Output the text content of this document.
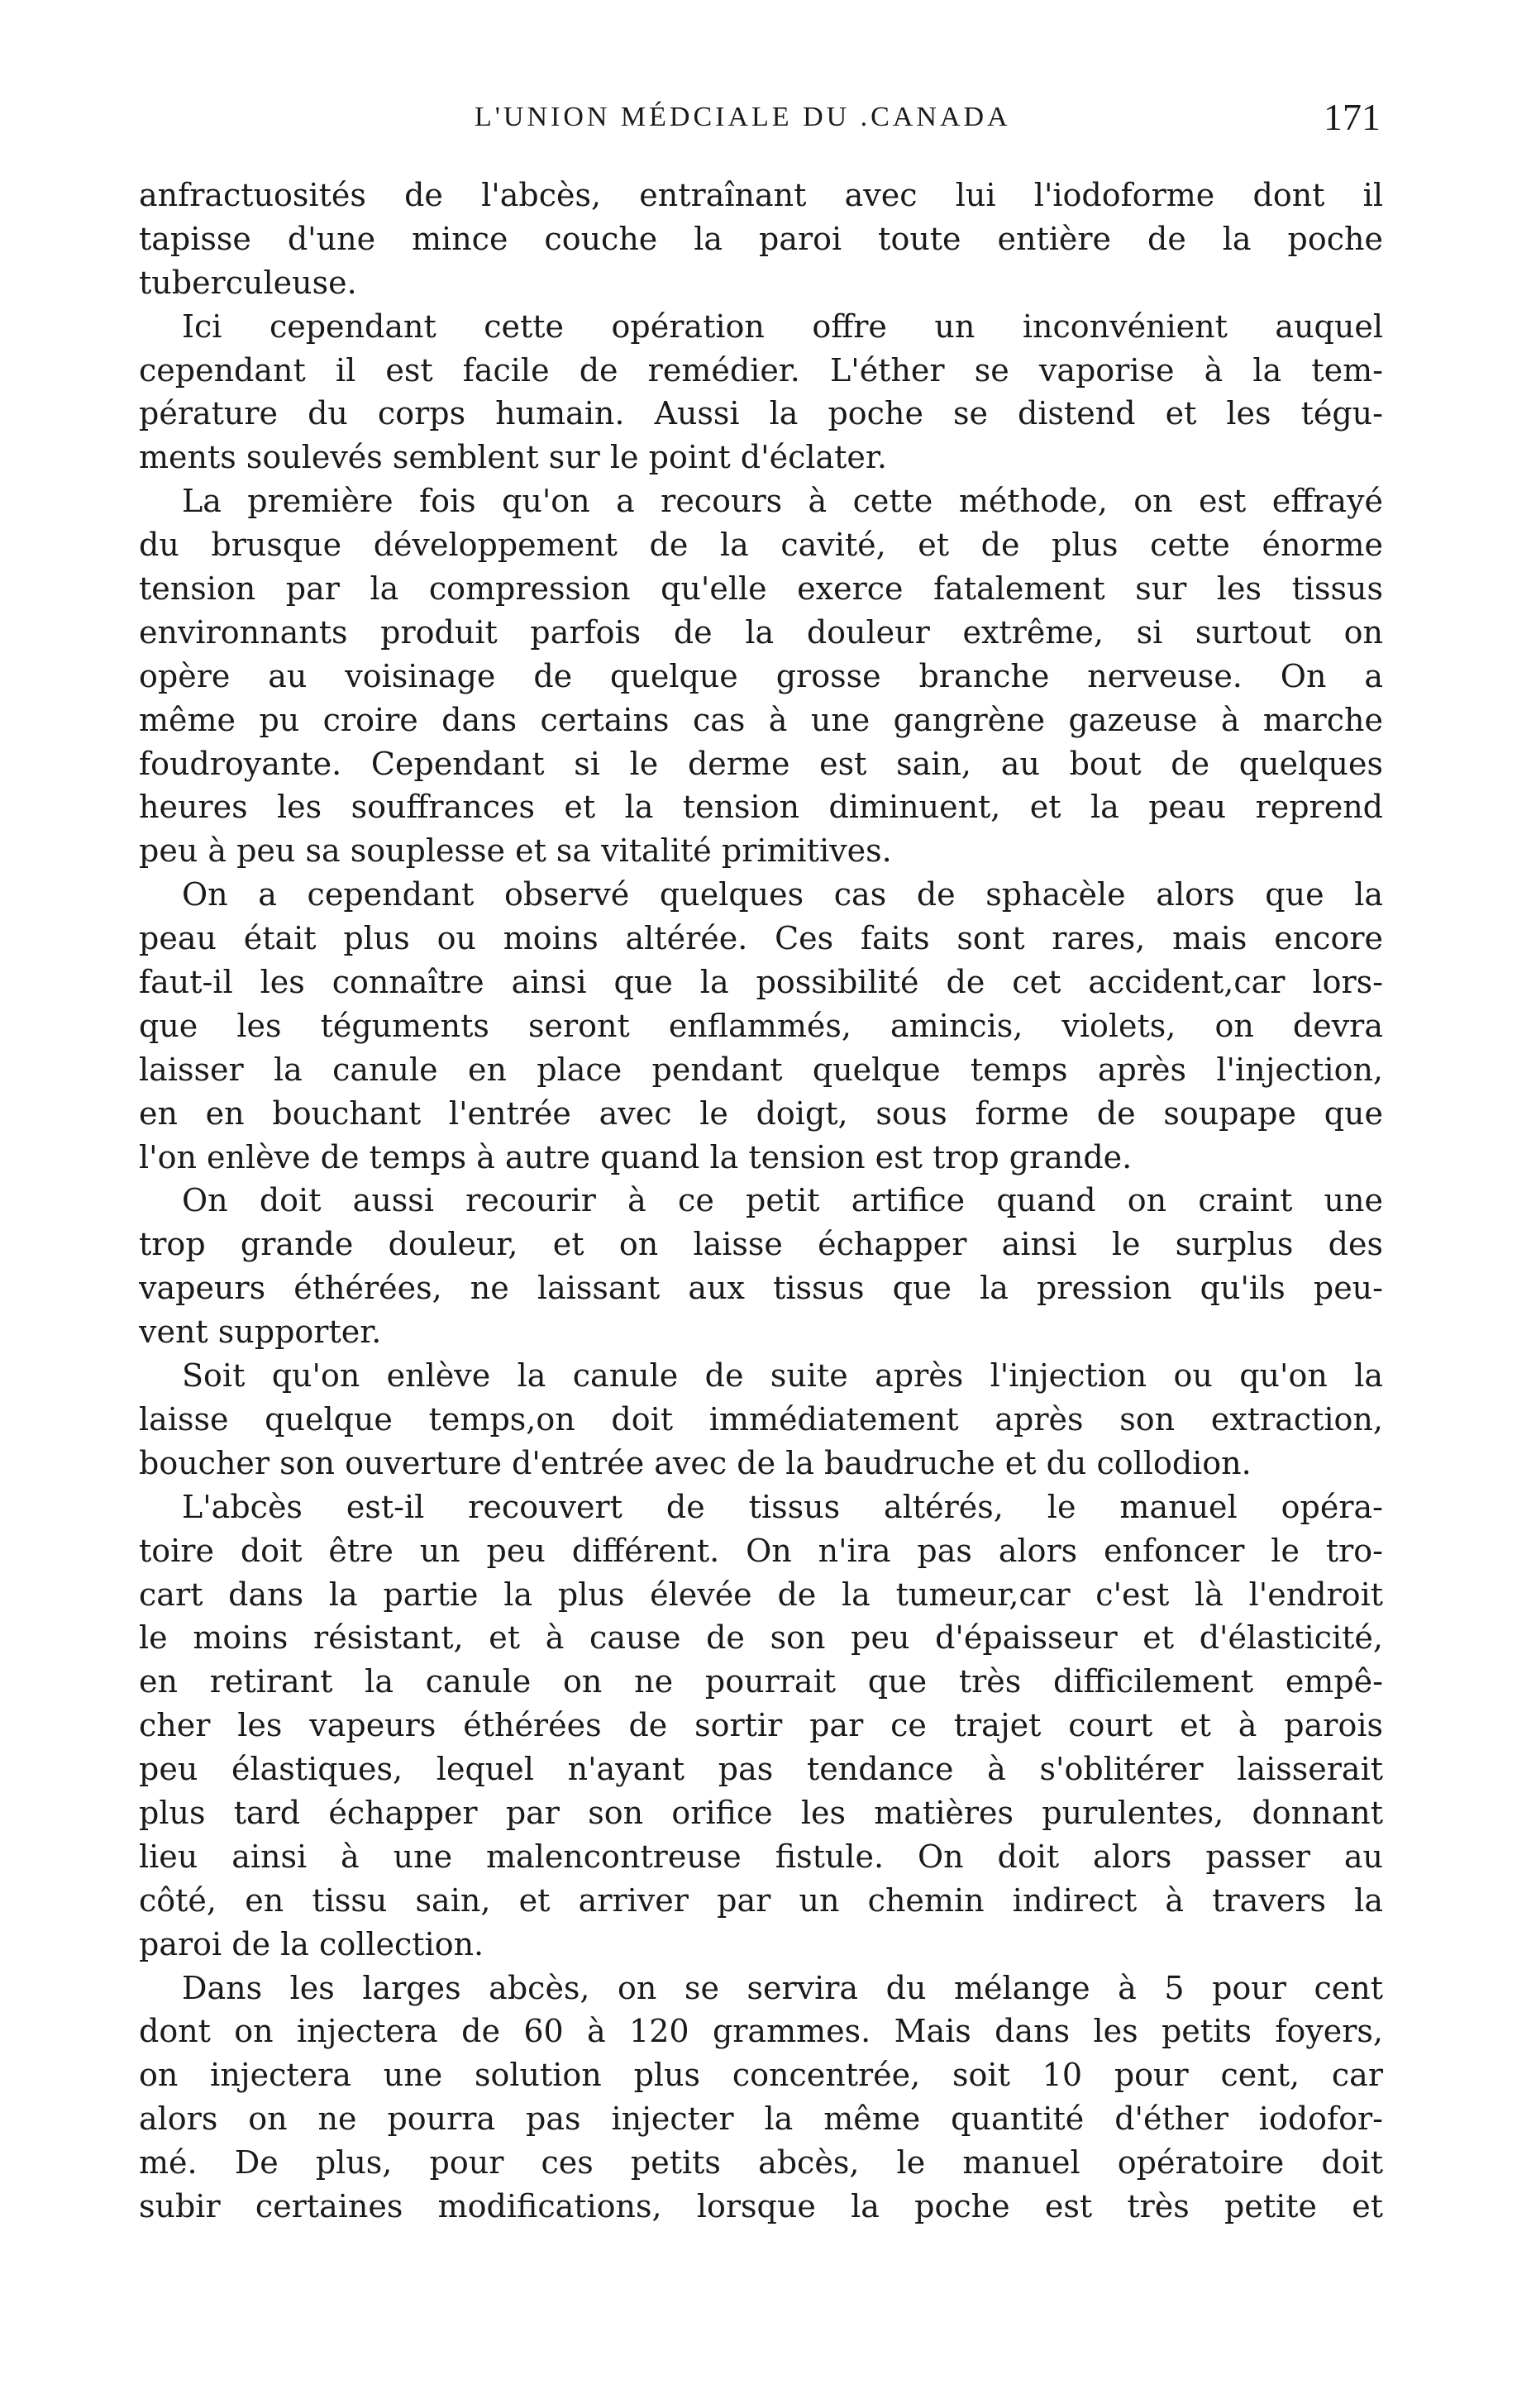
L'UNION MÉDCIALE DU .CANADA	171
anfractuosités de l'abcès, entraînant avec lui l'iodoforme dont il
tapisse d'une mince couche la paroi toute entière de la poche
tuberculeuse.
Ici cependant cette opération offre un inconvénient auquel
cependant il est facile de remédier. L'éther se vaporise à la tem-
pérature du corps humain. Aussi la poche se distend et les tégu-
ments soulevés semblent sur le point d'éclater.
La première fois qu'on a recours à cette méthode, on est effrayé
du brusque développement de la cavité, et de plus cette énorme
tension par la compression qu'elle exerce fatalement sur les tissus
environnants produit parfois de la douleur extrême, si surtout on
opère au voisinage de quelque grosse branche nerveuse. On a
même pu croire dans certains cas à une gangrène gazeuse à marche
foudroyante. Cependant si le derme est sain, au bout de quelques
heures les souffrances et la tension diminuent, et la peau reprend
peu à peu sa souplesse et sa vitalité primitives.
On a cependant observé quelques cas de sphacèle alors que la
peau était plus ou moins altérée. Ces faits sont rares, mais encore
faut-il les connaître ainsi que la possibilité de cet accident,car lors-
que les téguments seront enflammés, amincis, violets, on devra
laisser la canule en place pendant quelque temps après l'injection,
en en bouchant l'entrée avec le doigt, sous forme de soupape que
l'on enlève de temps à autre quand la tension est trop grande.
On doit aussi recourir à ce petit artifice quand on craint une
trop grande douleur, et on laisse échapper ainsi le surplus des
vapeurs éthérées, ne laissant aux tissus que la pression qu'ils peu-
vent supporter.
Soit qu'on enlève la canule de suite après l'injection ou qu'on la
laisse quelque temps,on doit immédiatement après son extraction,
boucher son ouverture d'entrée avec de la baudruche et du collodion.
L'abcès est-il recouvert de tissus altérés, le manuel opéra-
toire doit être un peu différent. On n'ira pas alors enfoncer le tro-
cart dans la partie la plus élevée de la tumeur,car c'est là l'endroit
le moins résistant, et à cause de son peu d'épaisseur et d'élasticité,
en retirant la canule on ne pourrait que très difficilement empê-
cher les vapeurs éthérées de sortir par ce trajet court et à parois
peu élastiques, lequel n'ayant pas tendance à s'oblitérer laisserait
plus tard échapper par son orifice les matières purulentes, donnant
lieu ainsi à une malencontreuse fistule. On doit alors passer au
côté, en tissu sain, et arriver par un chemin indirect à travers la
paroi de la collection.
Dans les larges abcès, on se servira du mélange à 5 pour cent
dont on injectera de 60 à 120 grammes. Mais dans les petits foyers,
on injectera une solution plus concentrée, soit 10 pour cent, car
alors on ne pourra pas injecter la même quantité d'éther iodofor-
mé. De plus, pour ces petits abcès, le manuel opératoire doit
subir certaines modifications, lorsque la poche est très petite et
